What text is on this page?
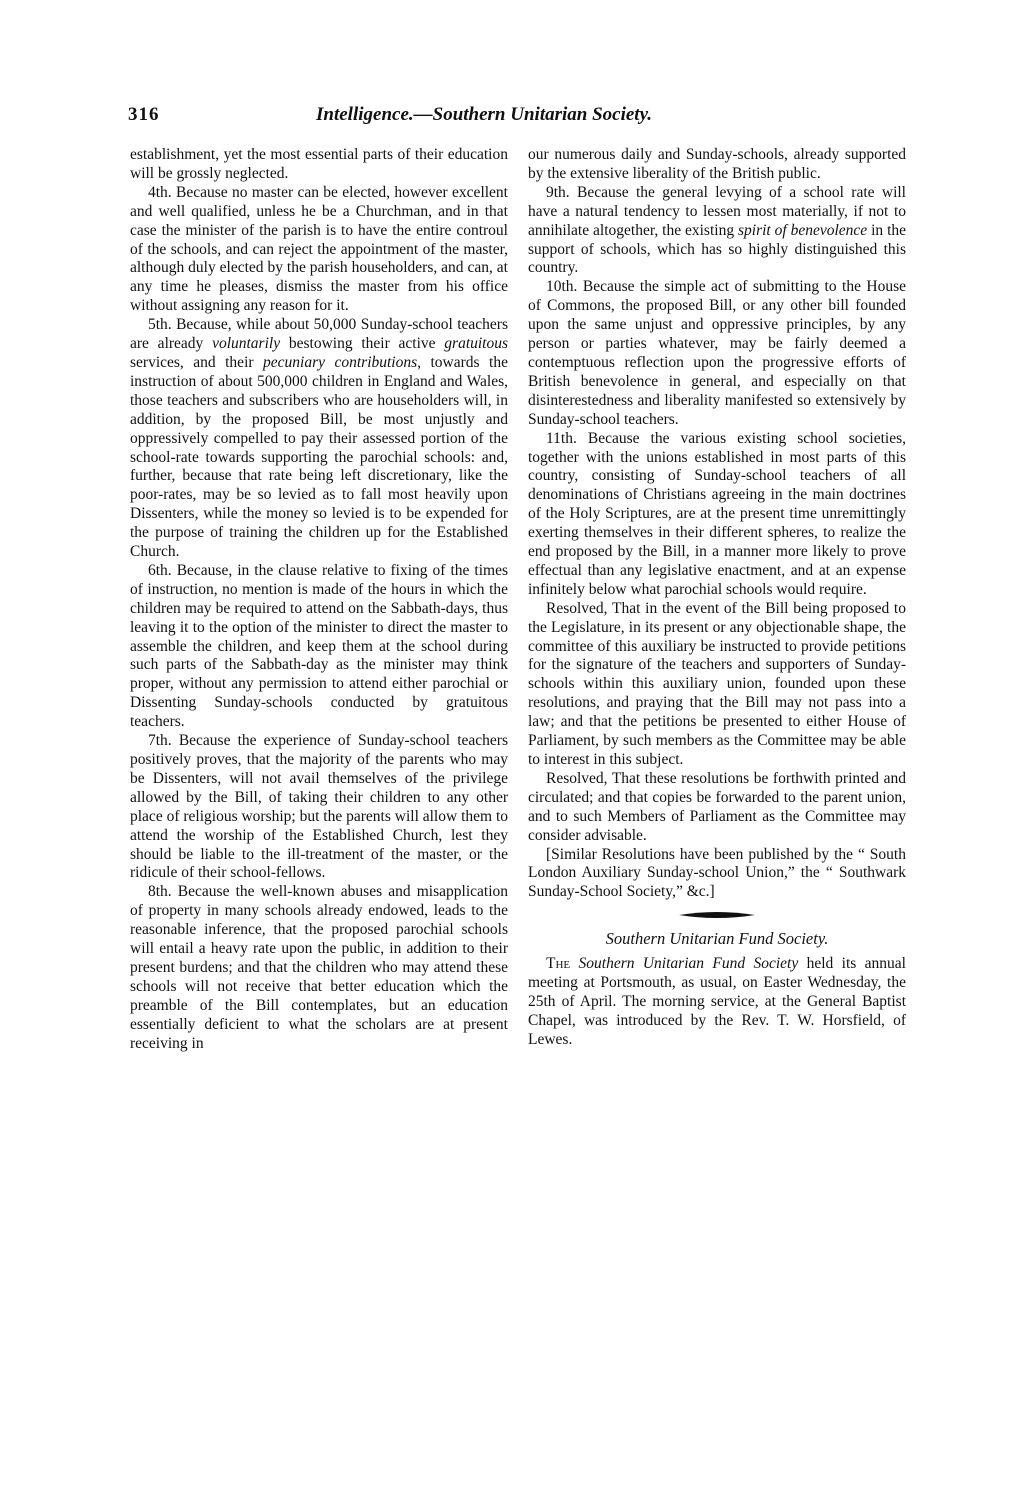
316	Intelligence.—Southern Unitarian Society.

establishment, yet the most essential parts of their education will be grossly neglected.

4th. Because no master can be elected, however excellent and well qualified, unless he be a Churchman, and in that case the minister of the parish is to have the entire controul of the schools, and can reject the appointment of the master, although duly elected by the parish householders, and can, at any time he pleases, dismiss the master from his office without assigning any reason for it.

5th. Because, while about 50,000 Sunday-school teachers are already voluntarily bestowing their active gratuitous services, and their pecuniary contributions, towards the instruction of about 500,000 children in England and Wales, those teachers and subscribers who are householders will, in addition, by the proposed Bill, be most unjustly and oppressively compelled to pay their assessed portion of the school-rate towards supporting the parochial schools: and, further, because that rate being left discretionary, like the poor-rates, may be so levied as to fall most heavily upon Dissenters, while the money so levied is to be expended for the purpose of training the children up for the Established Church.

6th. Because, in the clause relative to fixing of the times of instruction, no mention is made of the hours in which the children may be required to attend on the Sabbath-days, thus leaving it to the option of the minister to direct the master to assemble the children, and keep them at the school during such parts of the Sabbath-day as the minister may think proper, without any permission to attend either parochial or Dissenting Sunday-schools conducted by gratuitous teachers.

7th. Because the experience of Sunday-school teachers positively proves, that the majority of the parents who may be Dissenters, will not avail themselves of the privilege allowed by the Bill, of taking their children to any other place of religious worship; but the parents will allow them to attend the worship of the Established Church, lest they should be liable to the ill-treatment of the master, or the ridicule of their school-fellows.

8th. Because the well-known abuses and misapplication of property in many schools already endowed, leads to the reasonable inference, that the proposed parochial schools will entail a heavy rate upon the public, in addition to their present burdens; and that the children who may attend these schools will not receive that better education which the preamble of the Bill contemplates, but an education essentially deficient to what the scholars are at present receiving in

our numerous daily and Sunday-schools, already supported by the extensive liberality of the British public.

9th. Because the general levying of a school rate will have a natural tendency to lessen most materially, if not to annihilate altogether, the existing spirit of benevolence in the support of schools, which has so highly distinguished this country.

10th. Because the simple act of submitting to the House of Commons, the proposed Bill, or any other bill founded upon the same unjust and oppressive principles, by any person or parties whatever, may be fairly deemed a contemptuous reflection upon the progressive efforts of British benevolence in general, and especially on that disinterestedness and liberality manifested so extensively by Sunday-school teachers.

11th. Because the various existing school societies, together with the unions established in most parts of this country, consisting of Sunday-school teachers of all denominations of Christians agreeing in the main doctrines of the Holy Scriptures, are at the present time unremittingly exerting themselves in their different spheres, to realize the end proposed by the Bill, in a manner more likely to prove effectual than any legislative enactment, and at an expense infinitely below what parochial schools would require.

Resolved, That in the event of the Bill being proposed to the Legislature, in its present or any objectionable shape, the committee of this auxiliary be instructed to provide petitions for the signature of the teachers and supporters of Sunday-schools within this auxiliary union, founded upon these resolutions, and praying that the Bill may not pass into a law; and that the petitions be presented to either House of Parliament, by such members as the Committee may be able to interest in this subject.

Resolved, That these resolutions be forthwith printed and circulated; and that copies be forwarded to the parent union, and to such Members of Parliament as the Committee may consider advisable.

[Similar Resolutions have been published by the “ South London Auxiliary Sunday-school Union,” the “ Southwark Sunday-School Society,” &c.]

Southern Unitarian Fund Society.

The Southern Unitarian Fund Society held its annual meeting at Portsmouth, as usual, on Easter Wednesday, the 25th of April. The morning service, at the General Baptist Chapel, was introduced by the Rev. T. W. Horsfield, of Lewes.
